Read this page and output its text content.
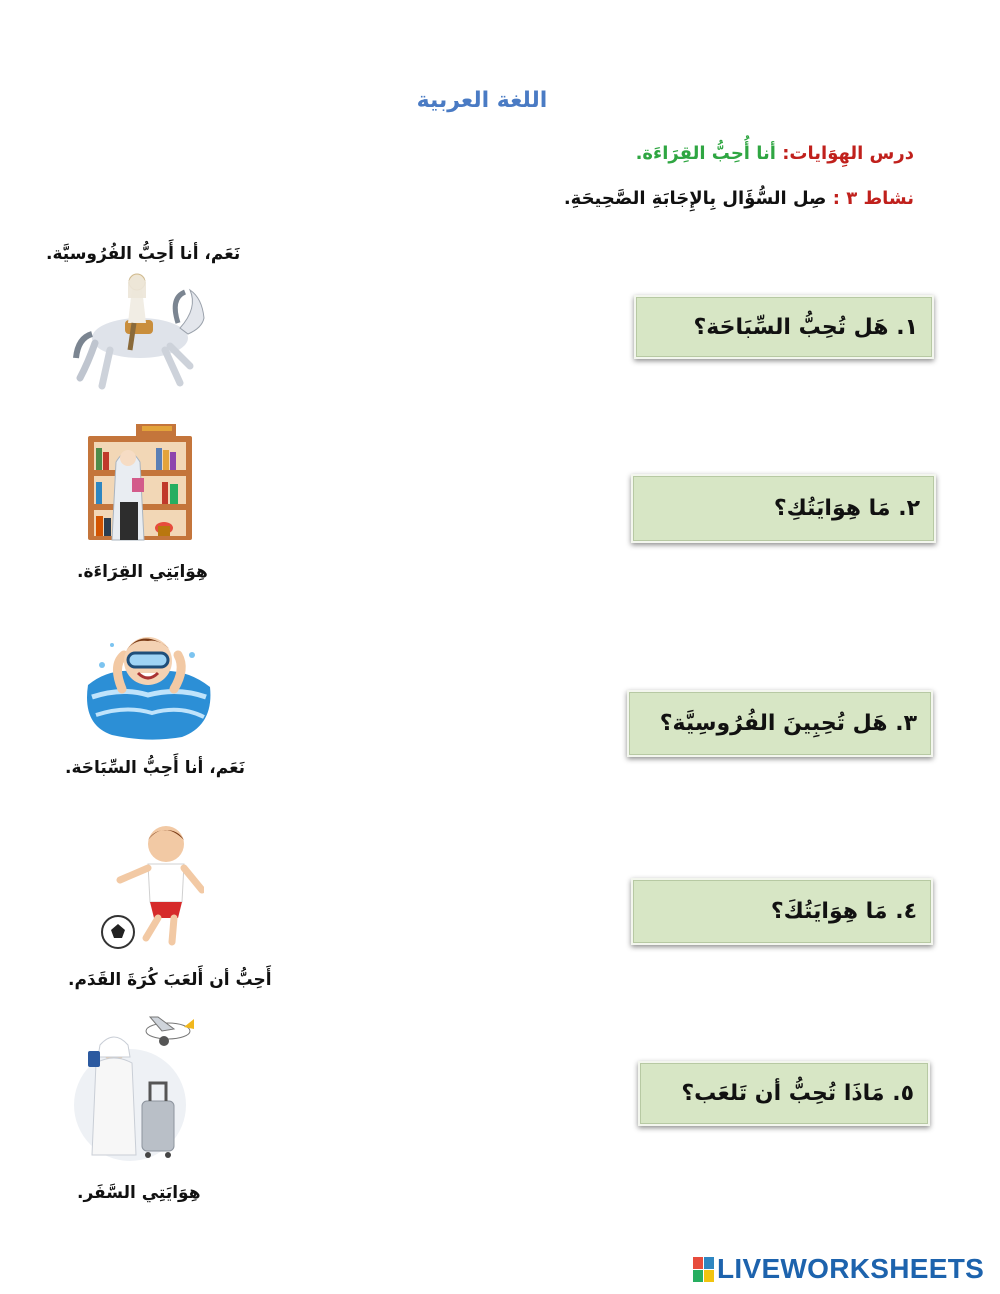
اللغة العربية
درس الهِوَايات: أنا أُحِبُّ القِرَاءَة.
نشاط ٣ : صِل السُّؤَال بِالإِجَابَةِ الصَّحِيحَةِ.
١. هَل تُحِبُّ السِّبَاحَة؟
٢. مَا هِوَايَتُكِ؟
٣. هَل تُحِبِينَ الفُرُوسِيَّة؟
٤. مَا هِوَايَتُكَ؟
٥. مَاذَا تُحِبُّ أن تَلعَب؟
نَعَم، أنا أَحِبُّ الفُرُوسيَّة.
هِوَايَتِي القِرَاءَة.
نَعَم، أنا أَحِبُّ السِّبَاحَة.
أَحِبُّ أن أَلعَبَ كُرَةَ القَدَم.
هِوَايَتِي السَّفَر.
LIVEWORKSHEETS
